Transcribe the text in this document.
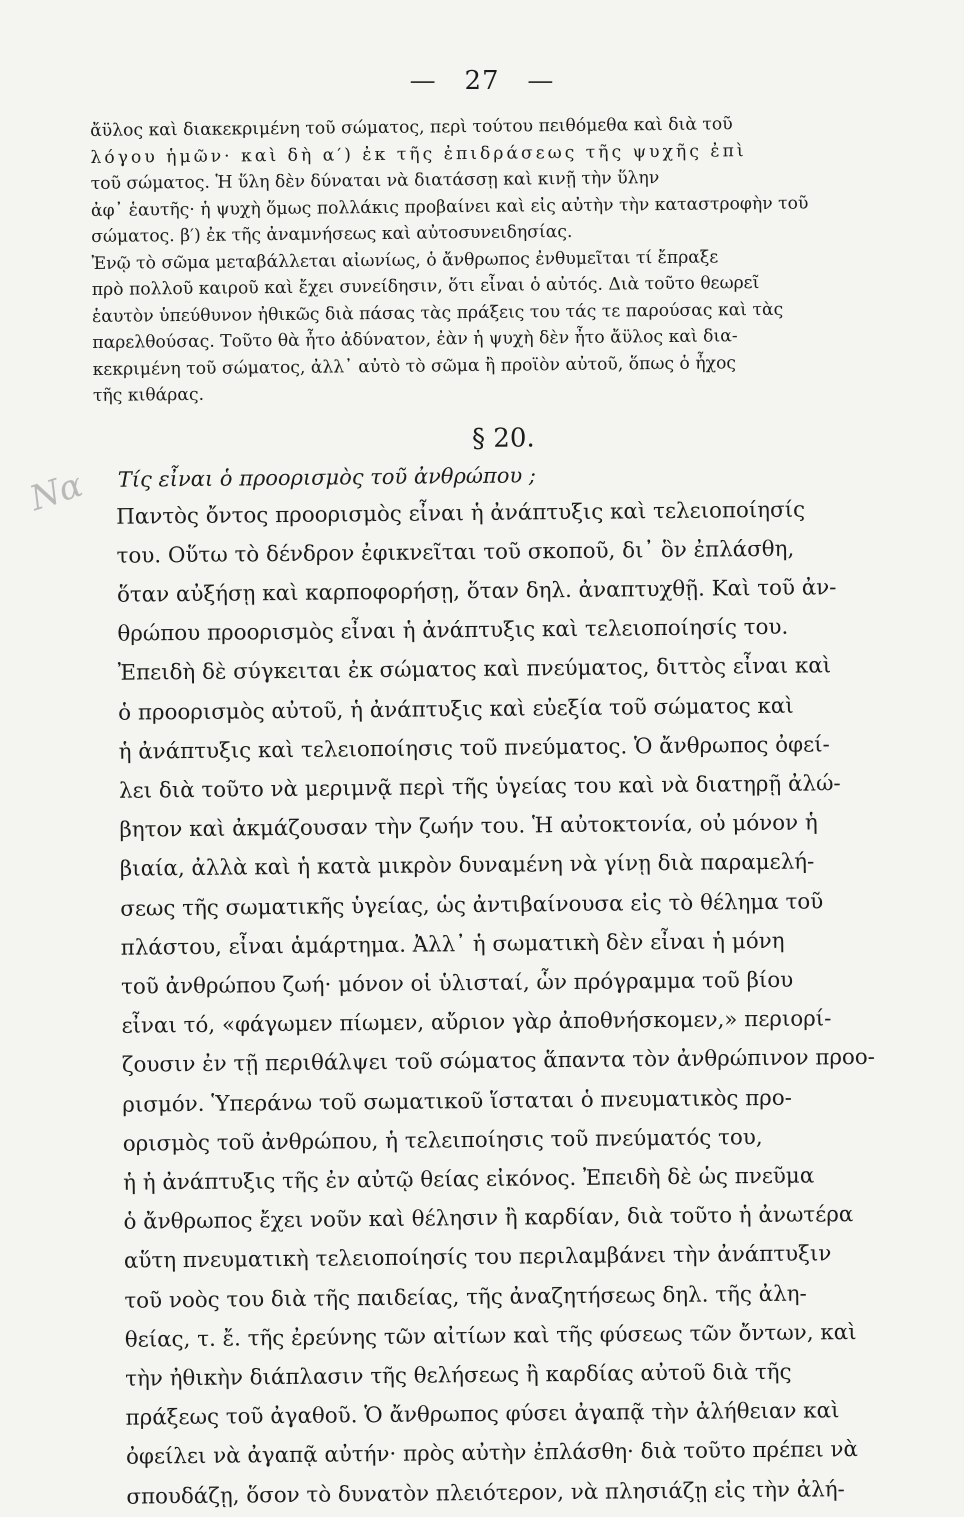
— 27 —
Να

ἄϋλος καὶ διακεκριμένη τοῦ σώματος, περὶ τούτου πειθόμεθα καὶ διὰ τοῦ

λόγου ἡμῶν· καὶ δὴ α′) ἐκ τῆς ἐπιδράσεως τῆς ψυχῆς ἐπὶ

τοῦ σώματος. Ἡ ὕλη δὲν δύναται νὰ διατάσσῃ καὶ κινῇ τὴν ὕλην

ἀφ᾽ ἑαυτῆς· ἡ ψυχὴ ὅμως πολλάκις προβαίνει καὶ εἰς αὐτὴν τὴν καταστροφὴν τοῦ

σώματος. β′) ἐκ τῆς ἀναμνήσεως καὶ αὐτοσυνειδησίας.

Ἐνῷ τὸ σῶμα μεταβάλλεται αἰωνίως, ὁ ἄνθρωπος ἐνθυμεῖται τί ἔπραξε

πρὸ πολλοῦ καιροῦ καὶ ἔχει συνείδησιν, ὅτι εἶναι ὁ αὐτός. Διὰ τοῦτο θεωρεῖ

ἑαυτὸν ὑπεύθυνον ἠθικῶς διὰ πάσας τὰς πράξεις του τάς τε παρούσας καὶ τὰς

παρελθούσας. Τοῦτο θὰ ἦτο ἀδύνατον, ἐὰν ἡ ψυχὴ δὲν ἦτο ἄϋλος καὶ δια-

κεκριμένη τοῦ σώματος, ἀλλ᾽ αὐτὸ τὸ σῶμα ἢ προϊὸν αὐτοῦ, ὅπως ὁ ἦχος

τῆς κιθάρας.

§ 20.
Τίς εἶναι ὁ προορισμὸς τοῦ ἀνθρώπου ;

Παντὸς ὄντος προορισμὸς εἶναι ἡ ἀνάπτυξις καὶ τελειοποίησίς

του. Οὕτω τὸ δένδρον ἐφικνεῖται τοῦ σκοποῦ, δι᾽ ὃν ἐπλάσθη,

ὅταν αὐξήσῃ καὶ καρποφορήσῃ, ὅταν δηλ. ἀναπτυχθῇ. Καὶ τοῦ ἀν-

θρώπου προορισμὸς εἶναι ἡ ἀνάπτυξις καὶ τελειοποίησίς του.

Ἐπειδὴ δὲ σύγκειται ἐκ σώματος καὶ πνεύματος, διττὸς εἶναι καὶ

ὁ προορισμὸς αὐτοῦ, ἡ ἀνάπτυξις καὶ εὐεξία τοῦ σώματος καὶ

ἡ ἀνάπτυξις καὶ τελειοποίησις τοῦ πνεύματος. Ὁ ἄνθρωπος ὀφεί-

λει διὰ τοῦτο νὰ μεριμνᾷ περὶ τῆς ὑγείας του καὶ νὰ διατηρῇ ἀλώ-

βητον καὶ ἀκμάζουσαν τὴν ζωήν του. Ἡ αὐτοκτονία, οὐ μόνον ἡ

βιαία, ἀλλὰ καὶ ἡ κατὰ μικρὸν δυναμένη νὰ γίνῃ διὰ παραμελή-

σεως τῆς σωματικῆς ὑγείας, ὡς ἀντιβαίνουσα εἰς τὸ θέλημα τοῦ

πλάστου, εἶναι ἁμάρτημα. Ἀλλ᾽ ἡ σωματικὴ δὲν εἶναι ἡ μόνη

τοῦ ἀνθρώπου ζωή· μόνον οἱ ὑλισταί, ὧν πρόγραμμα τοῦ βίου

εἶναι τό, «φάγωμεν πίωμεν, αὔριον γὰρ ἀποθνήσκομεν,» περιορί-

ζουσιν ἐν τῇ περιθάλψει τοῦ σώματος ἅπαντα τὸν ἀνθρώπινον προο-

ρισμόν. Ὑπεράνω τοῦ σωματικοῦ ἵσταται ὁ πνευματικὸς προ-

ορισμὸς τοῦ ἀνθρώπου, ἡ τελειποίησις τοῦ πνεύματός του,

ἡ ἡ ἀνάπτυξις τῆς ἐν αὐτῷ θείας εἰκόνος. Ἐπειδὴ δὲ ὡς πνεῦμα

ὁ ἄνθρωπος ἔχει νοῦν καὶ θέλησιν ἢ καρδίαν, διὰ τοῦτο ἡ ἀνωτέρα

αὕτη πνευματικὴ τελειοποίησίς του περιλαμβάνει τὴν ἀνάπτυξιν

τοῦ νοὸς του διὰ τῆς παιδείας, τῆς ἀναζητήσεως δηλ. τῆς ἀλη-

θείας, τ. ἔ. τῆς ἐρεύνης τῶν αἰτίων καὶ τῆς φύσεως τῶν ὄντων, καὶ

τὴν ἠθικὴν διάπλασιν τῆς θελήσεως ἢ καρδίας αὐτοῦ διὰ τῆς

πράξεως τοῦ ἀγαθοῦ. Ὁ ἄνθρωπος φύσει ἀγαπᾷ τὴν ἀλήθειαν καὶ

ὀφείλει νὰ ἀγαπᾷ αὐτήν· πρὸς αὐτὴν ἐπλάσθη· διὰ τοῦτο πρέπει νὰ

σπουδάζῃ, ὅσον τὸ δυνατὸν πλειότερον, νὰ πλησιάζῃ εἰς τὴν ἀλή-
